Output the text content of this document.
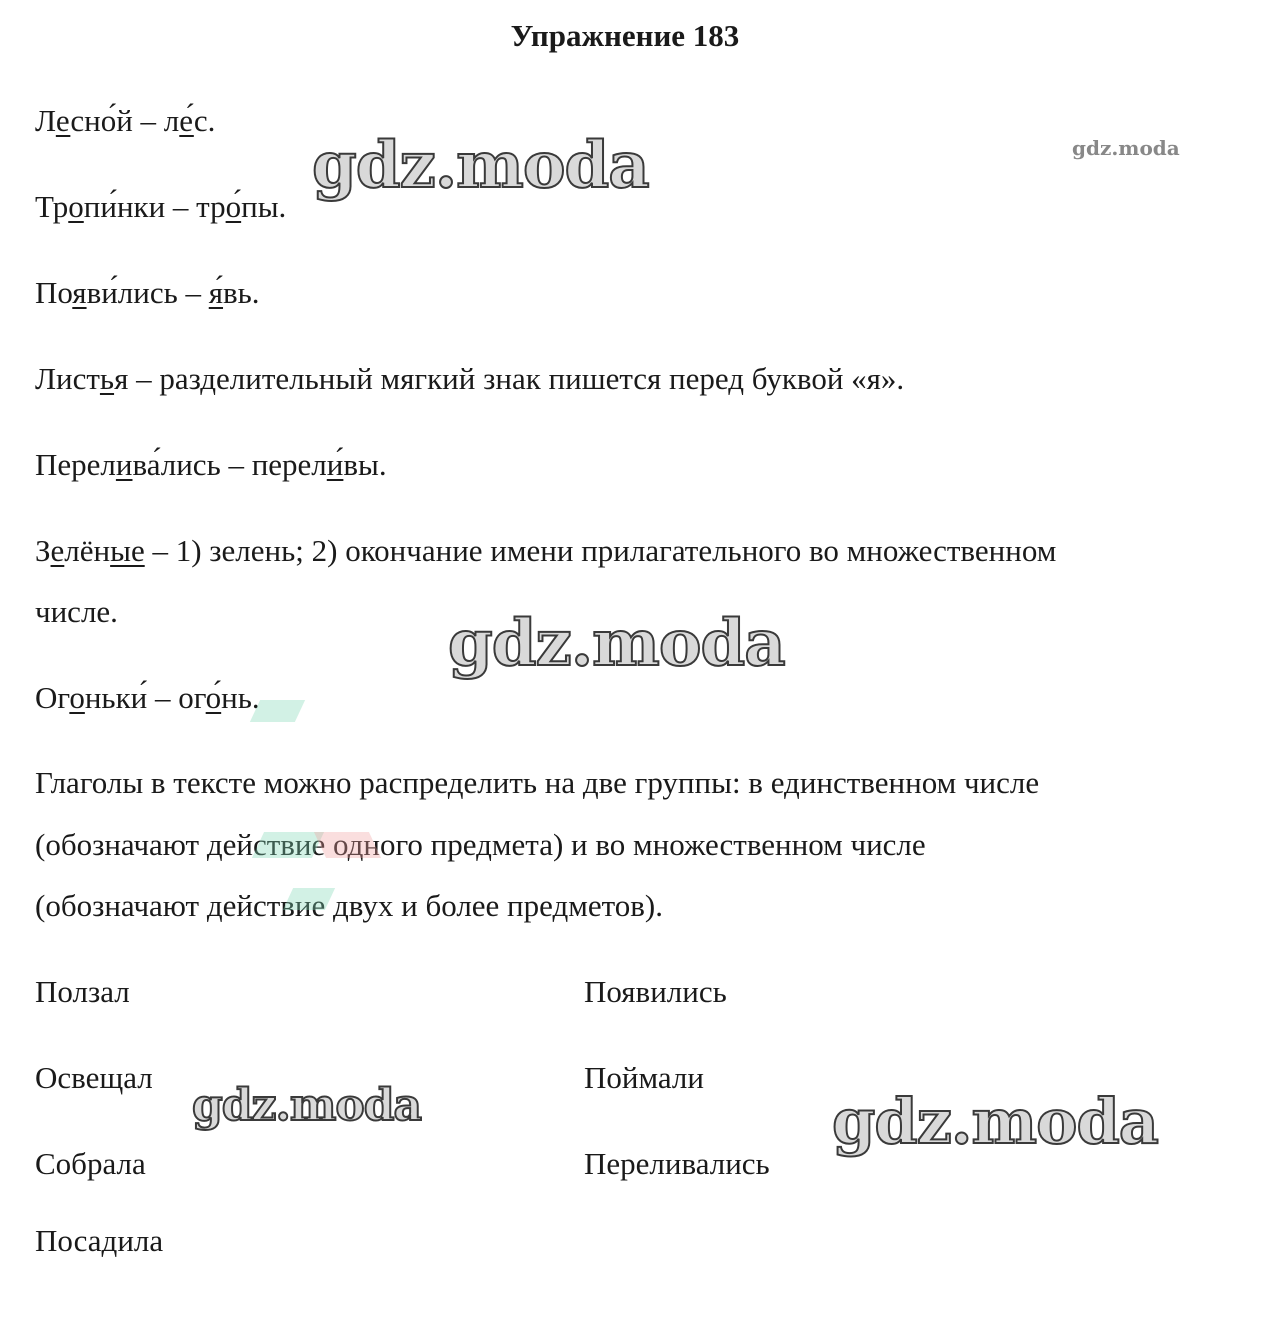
Упражнение 183

Лесно́й – ле́с.

Тропи́нки – тро́пы.

Появи́лись – я́вь.

Листья – разделительный мягкий знак пишется перед буквой «я».

Перелива́лись – перели́вы.

Зелёные – 1) зелень; 2) окончание имени прилагательного во множественном

числе.

Огоньки́ – ого́нь.

Глаголы в тексте можно распределить на две группы: в единственном числе

(обозначают действие одного предмета) и во множественном числе

(обозначают действие двух и более предметов).

Ползал

Освещал

Собрала

Посадила

Появились

Поймали

Переливались

gdz.moda
gdz.moda
gdz.moda	gdz.moda
gdz.moda
